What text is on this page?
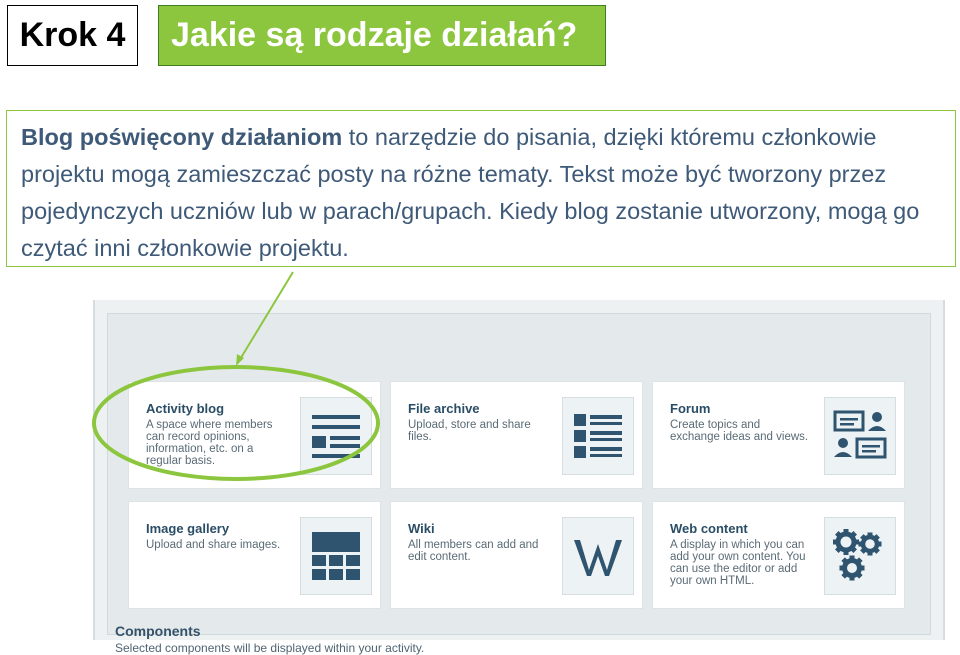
Krok 4	Jakie są rodzaje działań?
Blog poświęcony działaniom to narzędzie do pisania, dzięki któremu członkowie projektu mogą zamieszczać posty na różne tematy. Tekst może być tworzony przez pojedynczych uczniów lub w parach/grupach. Kiedy blog zostanie utworzony, mogą go czytać inni członkowie projektu.
Components
Selected components will be displayed within your activity.
Activity blog
A space where members can record opinions, information, etc. on a regular basis.
File archive
Upload, store and share files.
Forum
Create topics and exchange ideas and views.
Image gallery
Upload and share images.
Wiki
All members can add and edit content.
Web content
A display in which you can add your own content. You can use the editor or add your own HTML.
